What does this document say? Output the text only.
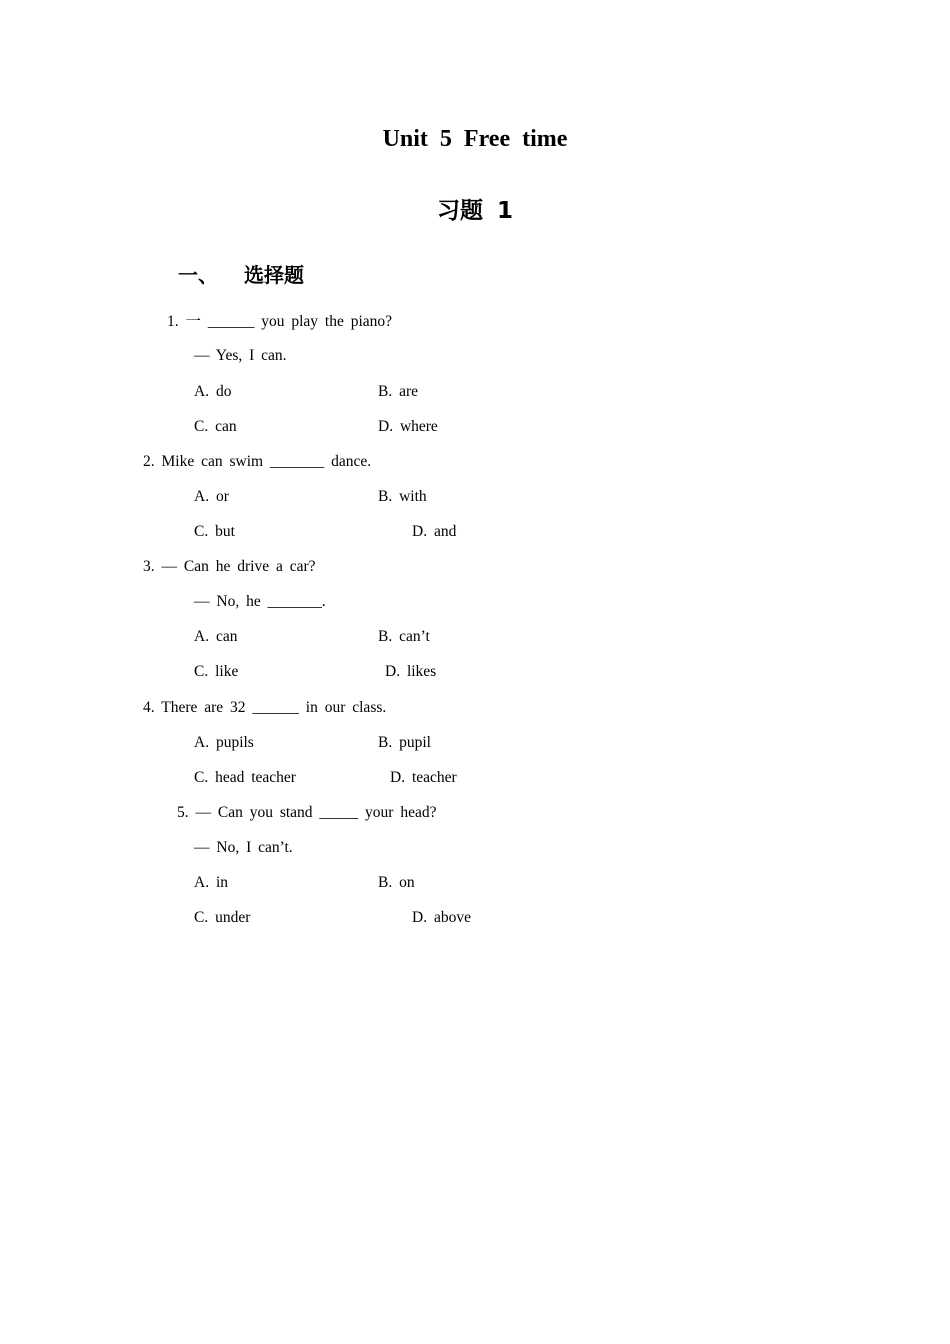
Unit 5 Free time
习题 1
一、 选择题
1. 一 ______ you play the piano?
— Yes, I can.
A. do	B. are
C. can	D. where
2. Mike can swim _______ dance.
A. or	B. with
C. but	D. and
3. — Can he drive a car?
— No, he _______.
A. can	B. can’t
C. like	D. likes
4. There are 32 ______ in our class.
A. pupils	B. pupil
C. head teacher	D. teacher
5. — Can you stand _____ your head?
— No, I can’t.
A. in	B. on
C. under	D. above
